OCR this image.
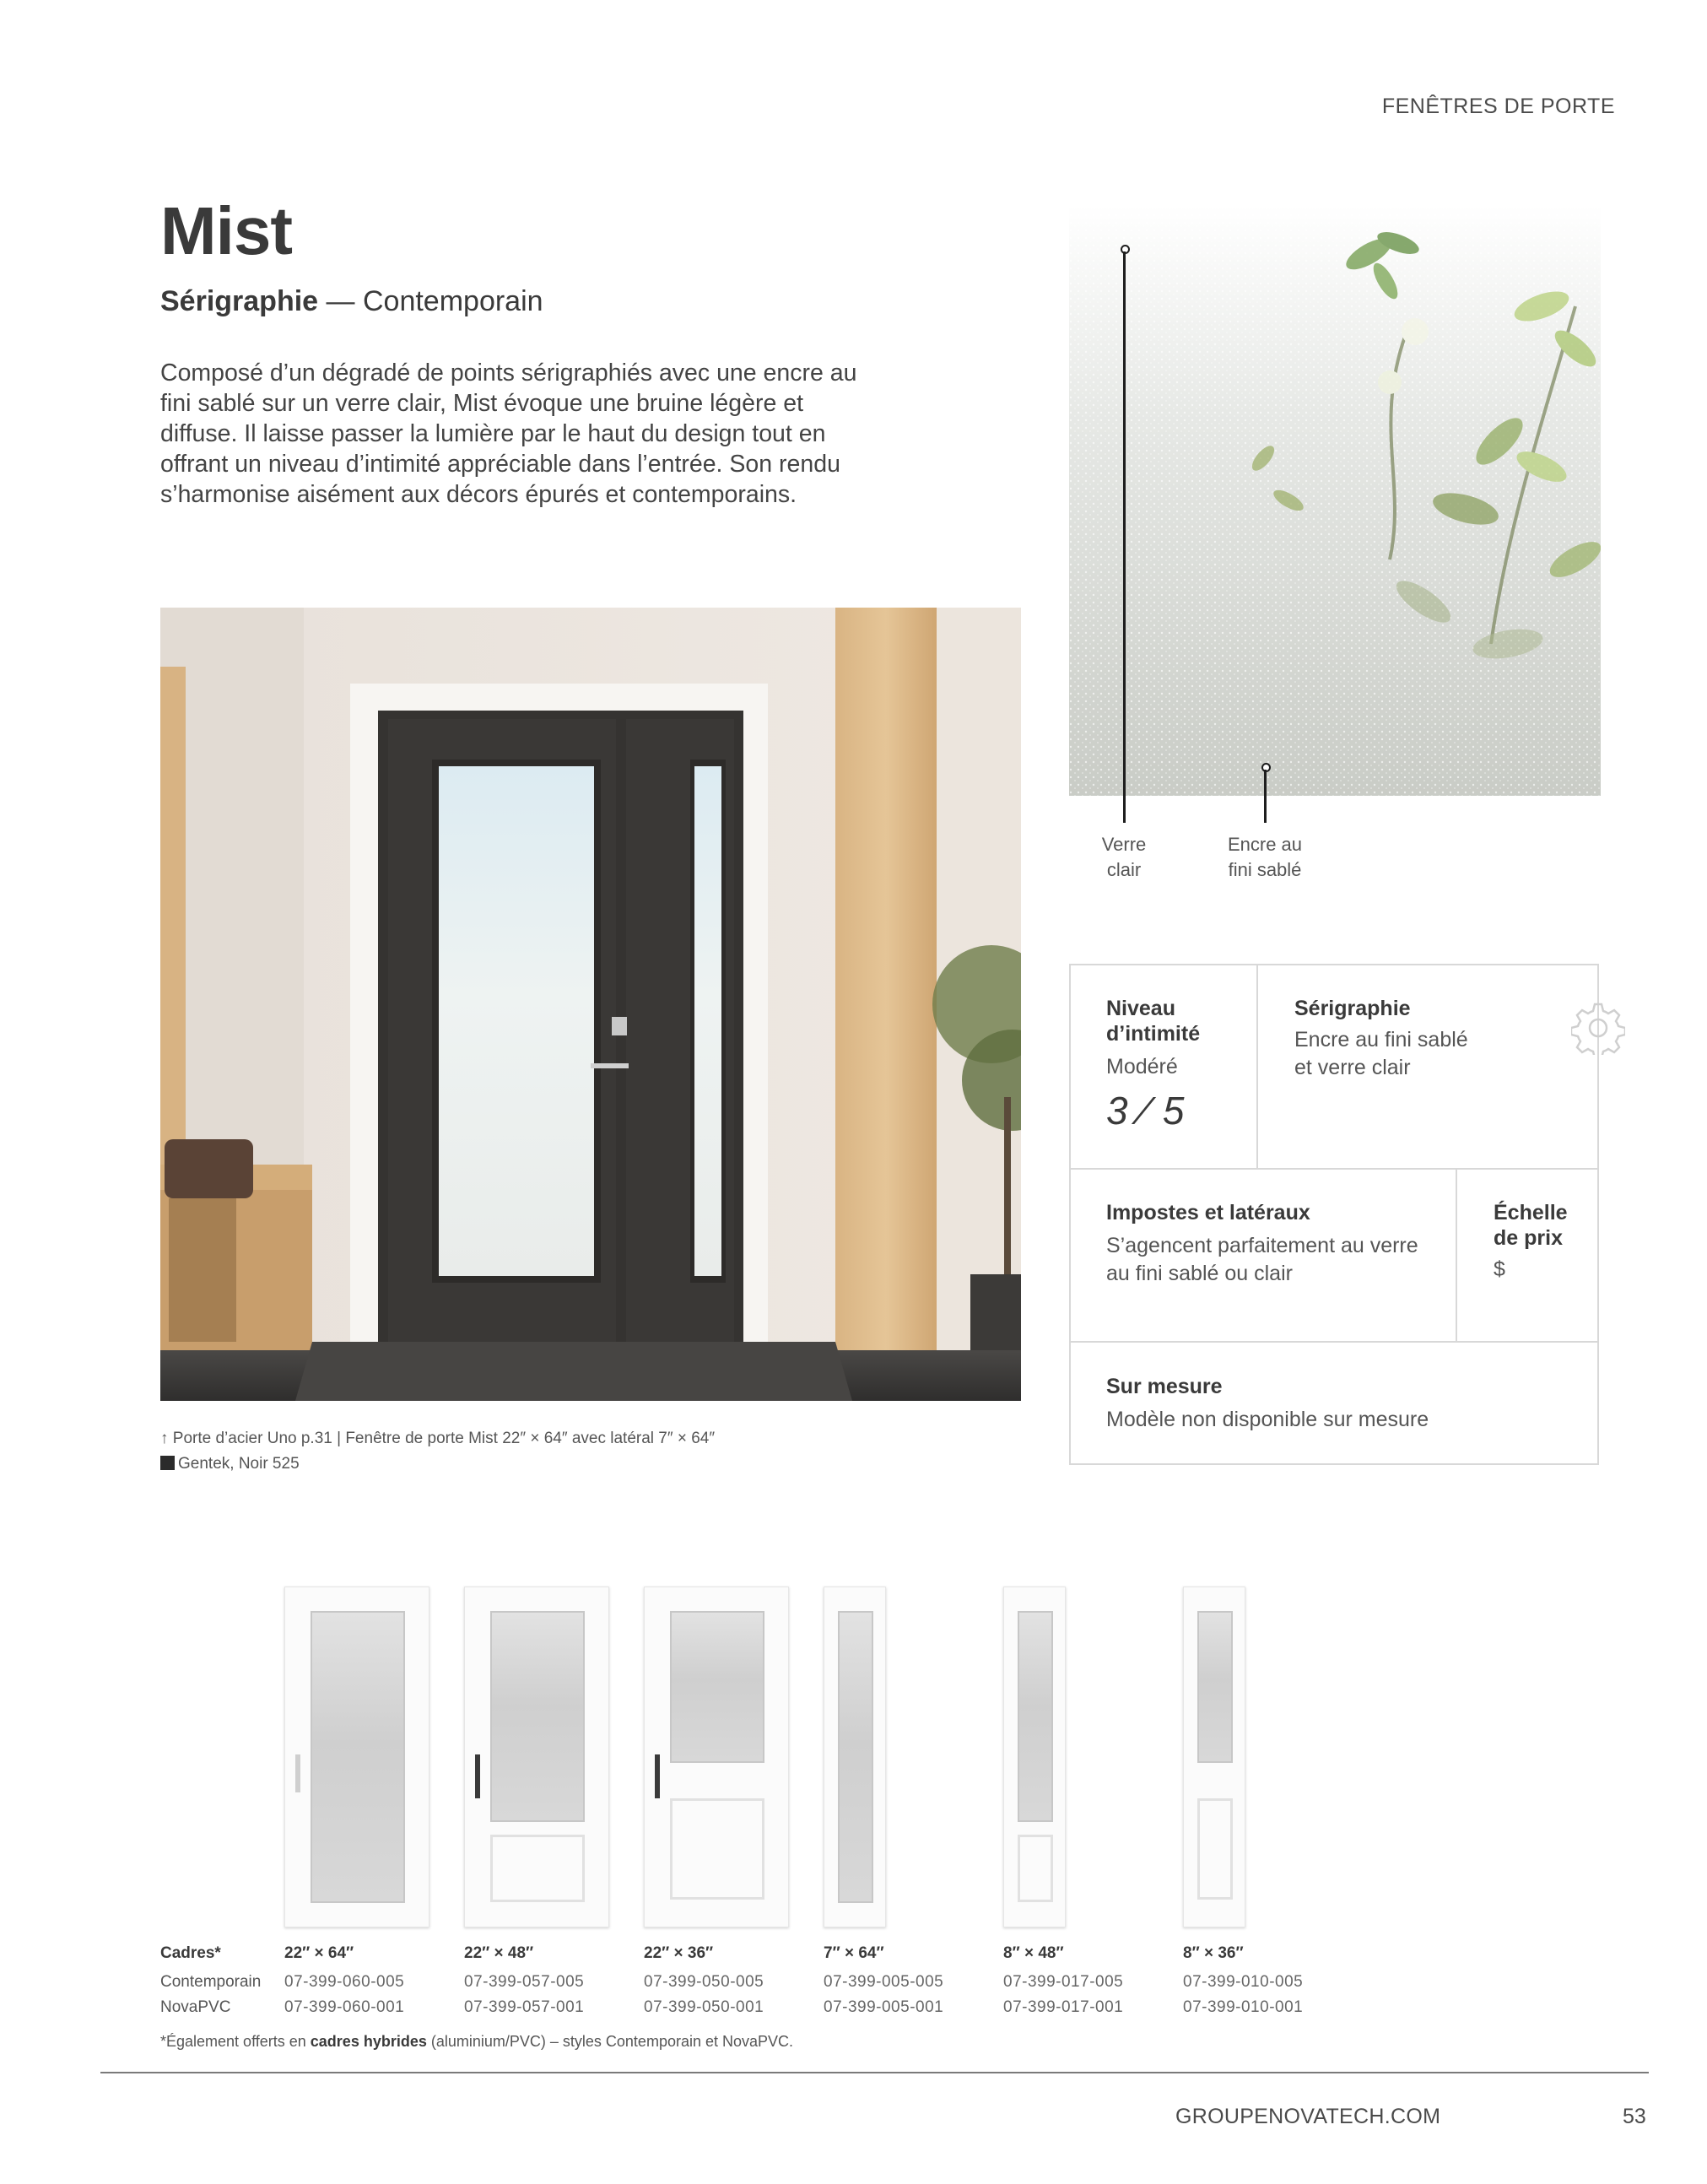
FENÊTRES DE PORTE
Mist
Sérigraphie — Contemporain
Composé d’un dégradé de points sérigraphiés avec une encre au fini sablé sur un verre clair, Mist évoque une bruine légère et diffuse. Il laisse passer la lumière par le haut du design tout en offrant un niveau d’intimité appréciable dans l’entrée. Son rendu s’harmonise aisément aux décors épurés et contemporains.
↑ Porte d’acier Uno p.31 | Fenêtre de porte Mist 22″ × 64″ avec latéral 7″ × 64″
Gentek, Noir 525
Verre
clair
Encre au
fini sablé
Niveau
d’intimité
Modéré
3 ⁄ 5
Sérigraphie
Encre au fini sablé
et verre clair
Impostes et latéraux
S’agencent parfaitement au verre
au fini sablé ou clair
Échelle
de prix
$
Sur mesure
Modèle non disponible sur mesure
Cadres*
Contemporain
NovaPVC
22″ × 64″
07-399-060-005
07-399-060-001
22″ × 48″
07-399-057-005
07-399-057-001
22″ × 36″
07-399-050-005
07-399-050-001
7″ × 64″
07-399-005-005
07-399-005-001
8″ × 48″
07-399-017-005
07-399-017-001
8″ × 36″
07-399-010-005
07-399-010-001
*Également offerts en cadres hybrides (aluminium/PVC) – styles Contemporain et NovaPVC.
GROUPENOVATECH.COM	53
